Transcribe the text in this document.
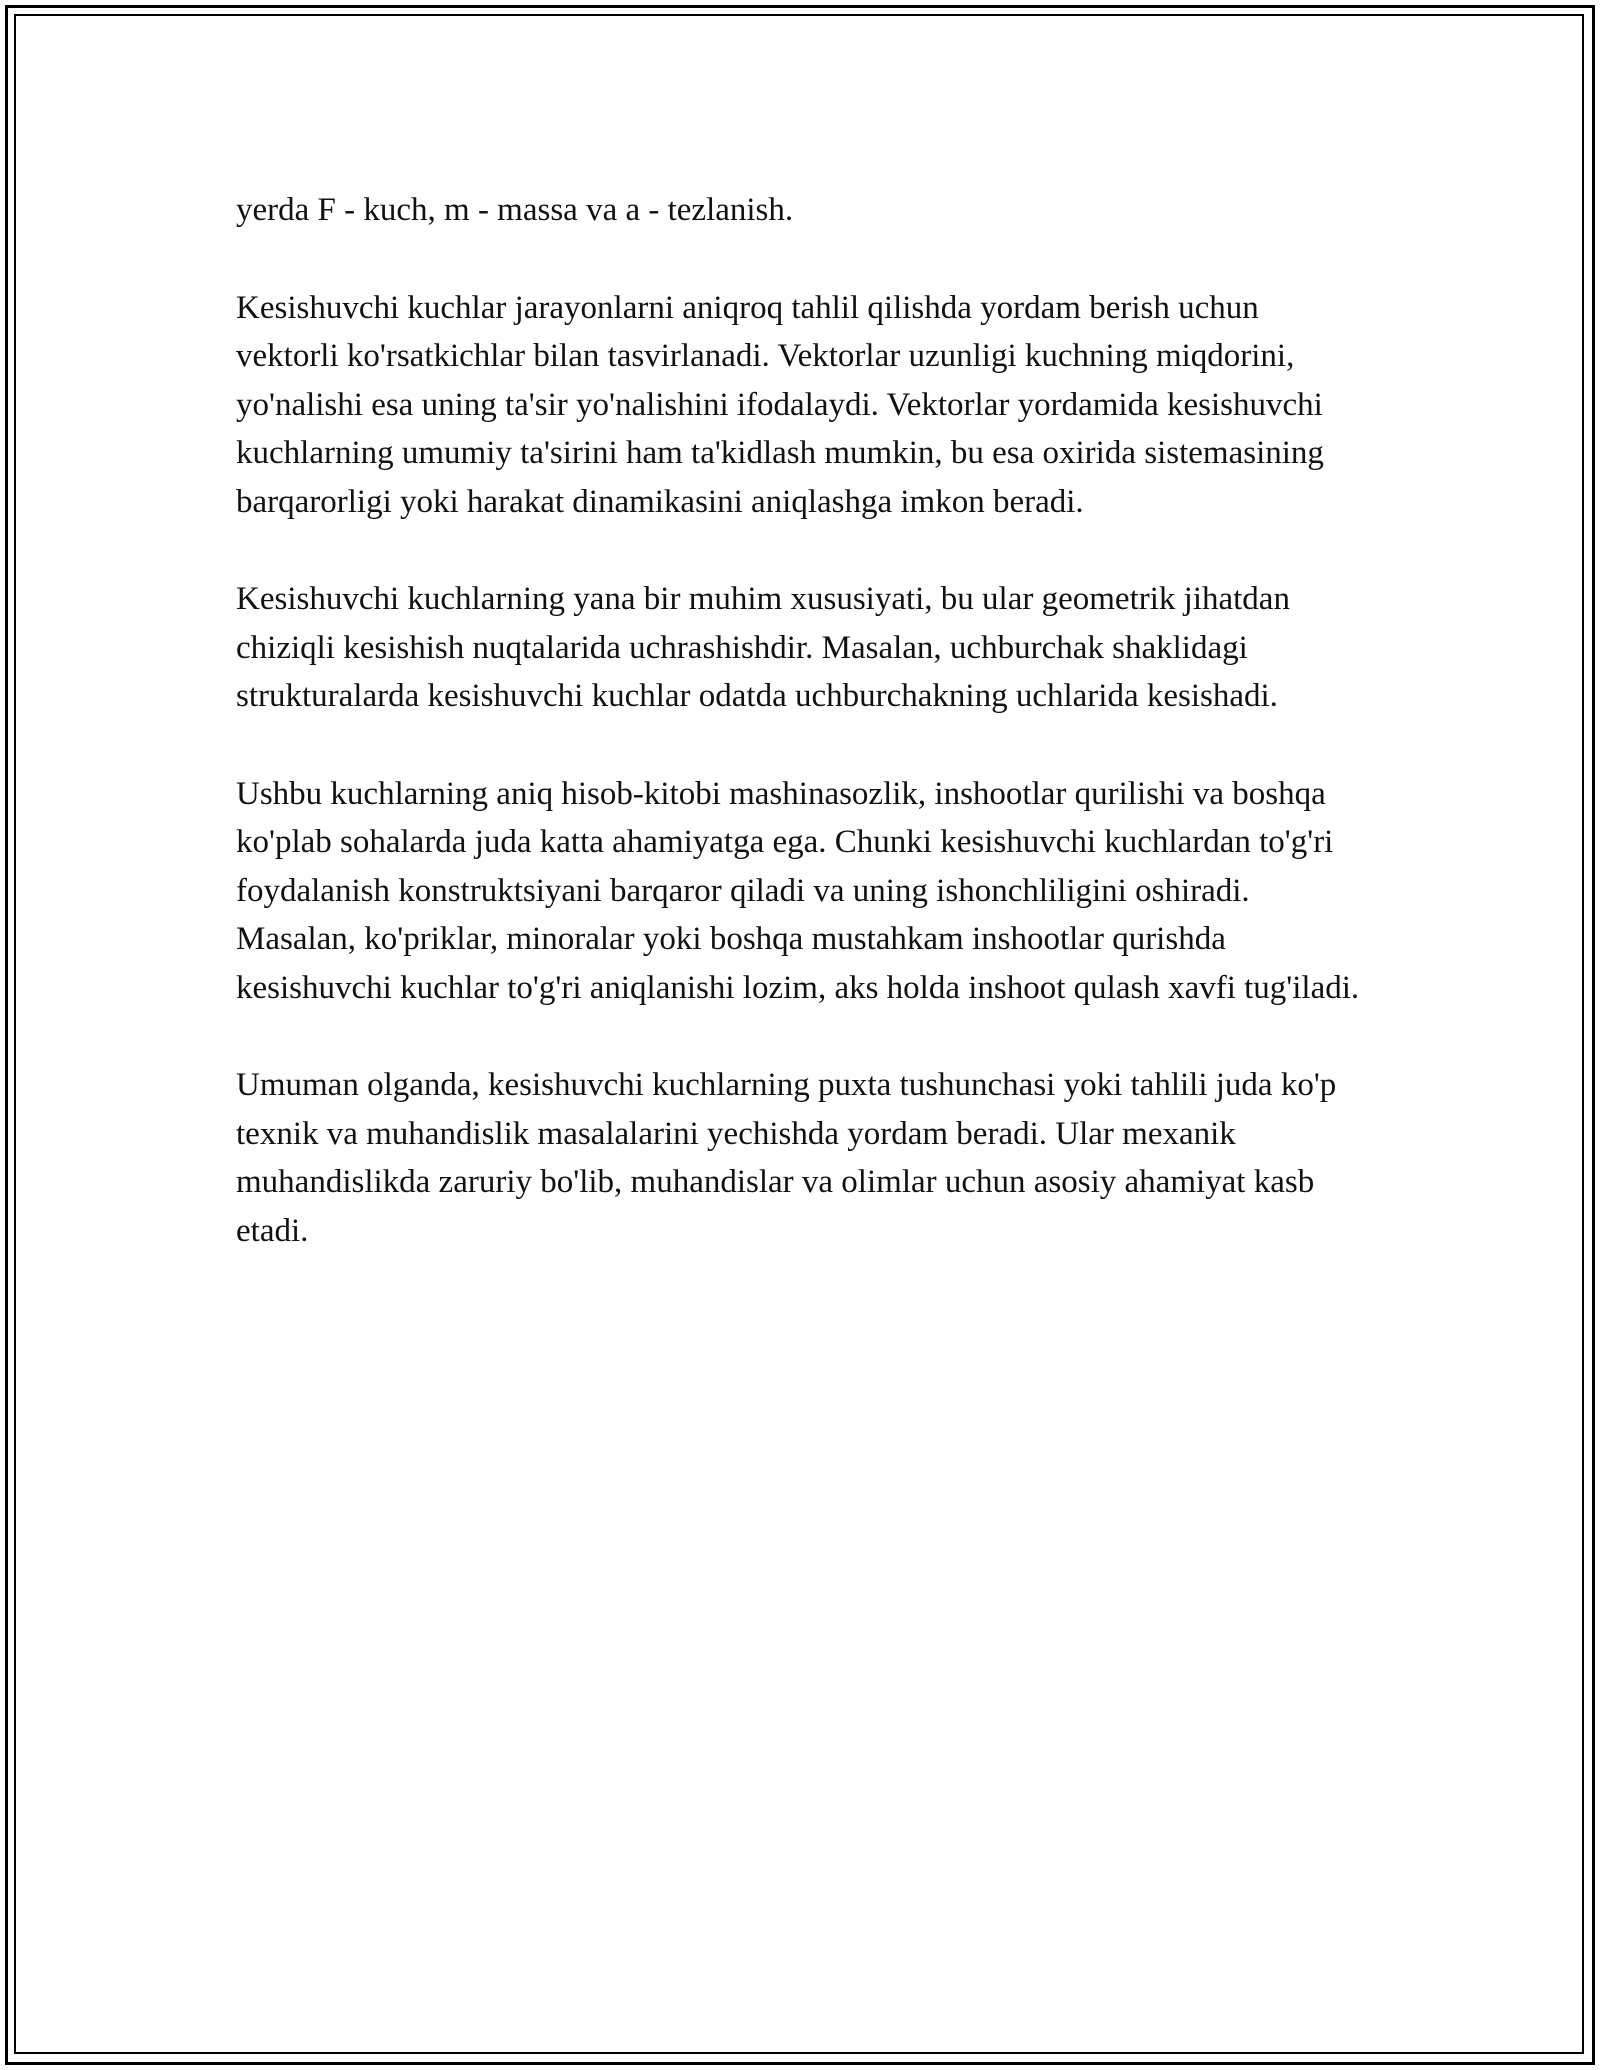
yerda F - kuch, m - massa va a - tezlanish.

Kesishuvchi kuchlar jarayonlarni aniqroq tahlil qilishda yordam berish uchun vektorli ko'rsatkichlar bilan tasvirlanadi. Vektorlar uzunligi kuchning miqdorini, yo'nalishi esa uning ta'sir yo'nalishini ifodalaydi. Vektorlar yordamida kesishuvchi kuchlarning umumiy ta'sirini ham ta'kidlash mumkin, bu esa oxirida sistemasining barqarorligi yoki harakat dinamikasini aniqlashga imkon beradi.

Kesishuvchi kuchlarning yana bir muhim xususiyati, bu ular geometrik jihatdan chiziqli kesishish nuqtalarida uchrashishdir. Masalan, uchburchak shaklidagi strukturalarda kesishuvchi kuchlar odatda uchburchakning uchlarida kesishadi.

Ushbu kuchlarning aniq hisob-kitobi mashinasozlik, inshootlar qurilishi va boshqa ko'plab sohalarda juda katta ahamiyatga ega. Chunki kesishuvchi kuchlardan to'g'ri foydalanish konstruktsiyani barqaror qiladi va uning ishonchliligini oshiradi. Masalan, ko'priklar, minoralar yoki boshqa mustahkam inshootlar qurishda kesishuvchi kuchlar to'g'ri aniqlanishi lozim, aks holda inshoot qulash xavfi tug'iladi.

Umuman olganda, kesishuvchi kuchlarning puxta tushunchasi yoki tahlili juda ko'p texnik va muhandislik masalalarini yechishda yordam beradi. Ular mexanik muhandislikda zaruriy bo'lib, muhandislar va olimlar uchun asosiy ahamiyat kasb etadi.
